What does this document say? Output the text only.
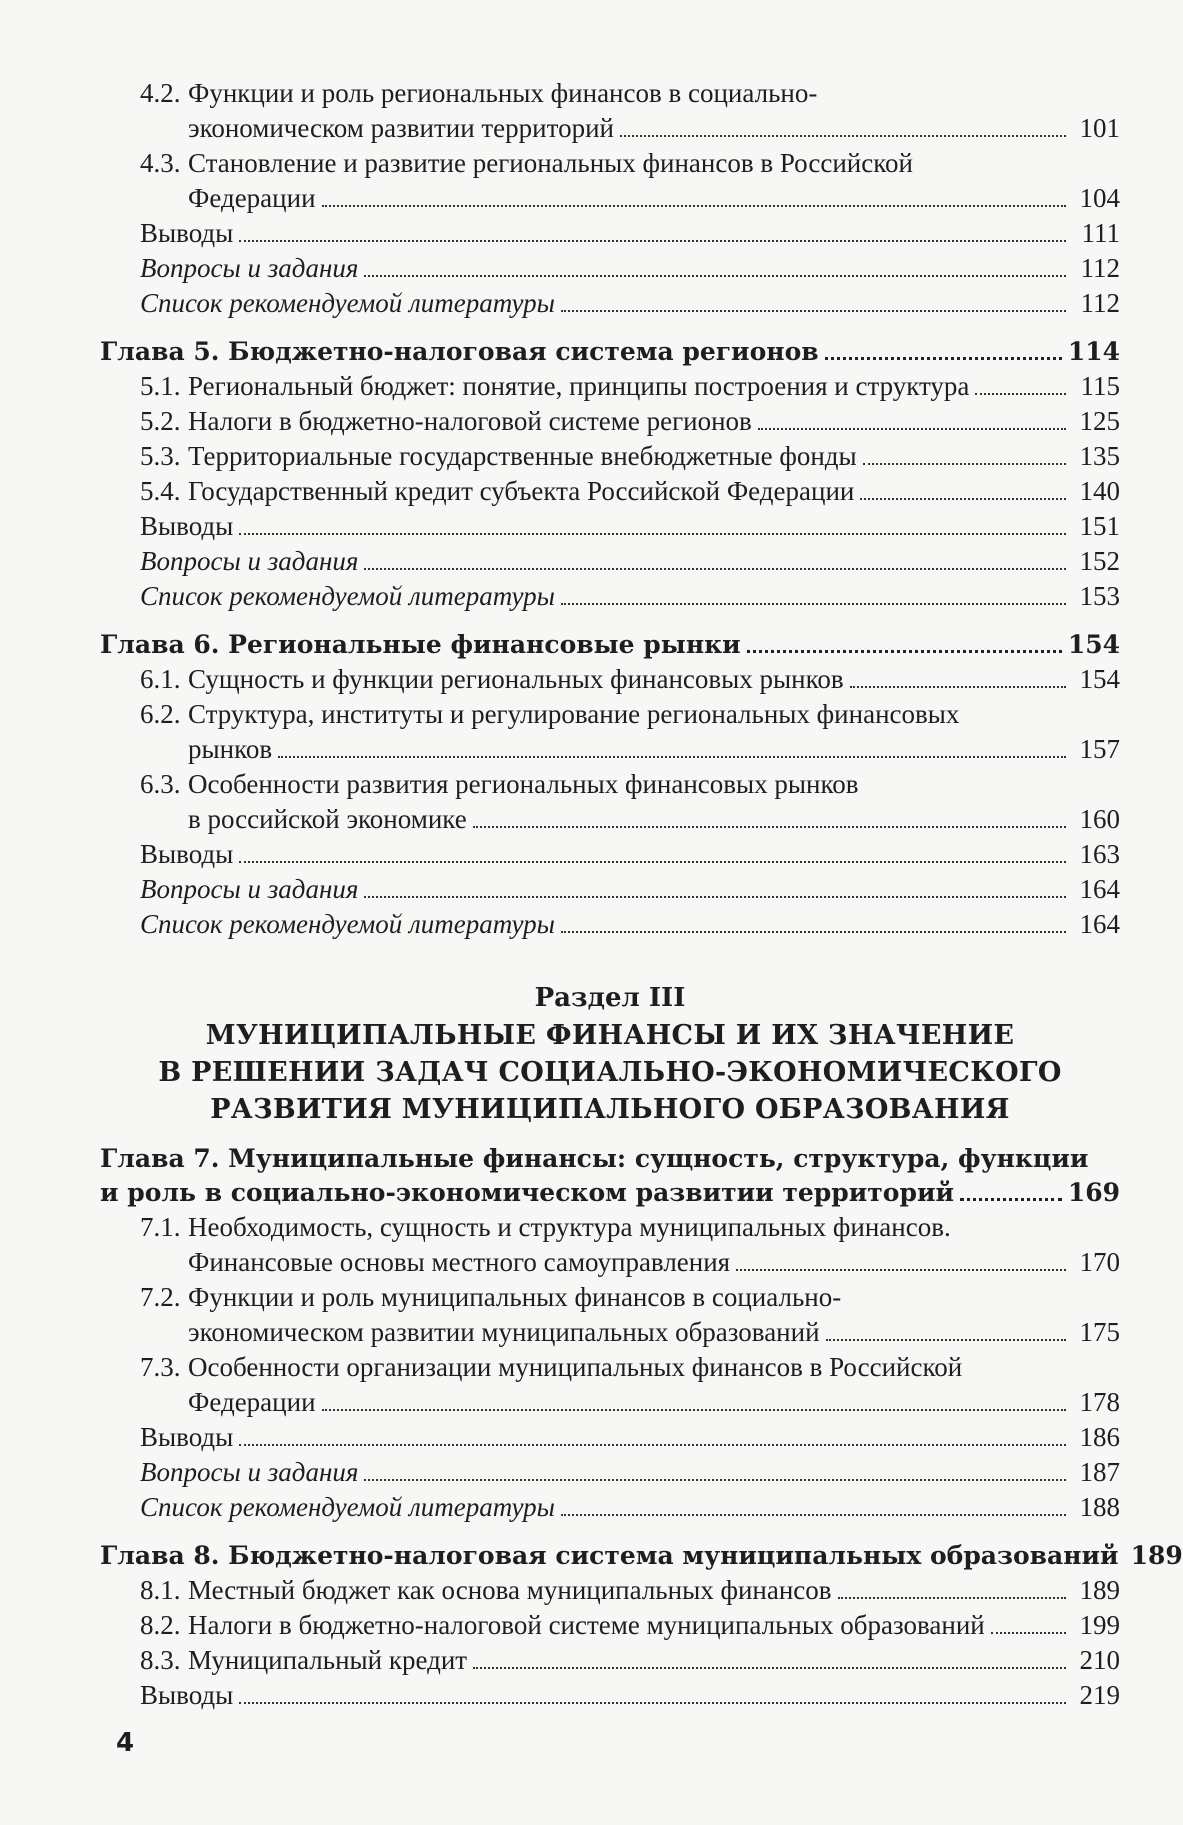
4.2. Функции и роль региональных финансов в социально-
экономическом развитии территорий	101
4.3. Становление и развитие региональных финансов в Российской
Федерации	104
Выводы	111
Вопросы и задания	112
Список рекомендуемой литературы	112
Глава 5. Бюджетно-налоговая система регионов	114
5.1. Региональный бюджет: понятие, принципы построения и структура	115
5.2. Налоги в бюджетно-налоговой системе регионов	125
5.3. Территориальные государственные внебюджетные фонды	135
5.4. Государственный кредит субъекта Российской Федерации	140
Выводы	151
Вопросы и задания	152
Список рекомендуемой литературы	153
Глава 6. Региональные финансовые рынки	154
6.1. Сущность и функции региональных финансовых рынков	154
6.2. Структура, институты и регулирование региональных финансовых
рынков	157
6.3. Особенности развития региональных финансовых рынков
в российской экономике	160
Выводы	163
Вопросы и задания	164
Список рекомендуемой литературы	164
Раздел III
МУНИЦИПАЛЬНЫЕ ФИНАНСЫ И ИХ ЗНАЧЕНИЕ
В РЕШЕНИИ ЗАДАЧ СОЦИАЛЬНО-ЭКОНОМИЧЕСКОГО
РАЗВИТИЯ МУНИЦИПАЛЬНОГО ОБРАЗОВАНИЯ
Глава 7. Муниципальные финансы: сущность, структура, функции
и роль в социально-экономическом развитии территорий	169
7.1. Необходимость, сущность и структура муниципальных финансов.
Финансовые основы местного самоуправления	170
7.2. Функции и роль муниципальных финансов в социально-
экономическом развитии муниципальных образований	175
7.3. Особенности организации муниципальных финансов в Российской
Федерации	178
Выводы	186
Вопросы и задания	187
Список рекомендуемой литературы	188
Глава 8. Бюджетно-налоговая система муниципальных образований 189
8.1. Местный бюджет как основа муниципальных финансов	189
8.2. Налоги в бюджетно-налоговой системе муниципальных образований	199
8.3. Муниципальный кредит	210
Выводы	219
4
